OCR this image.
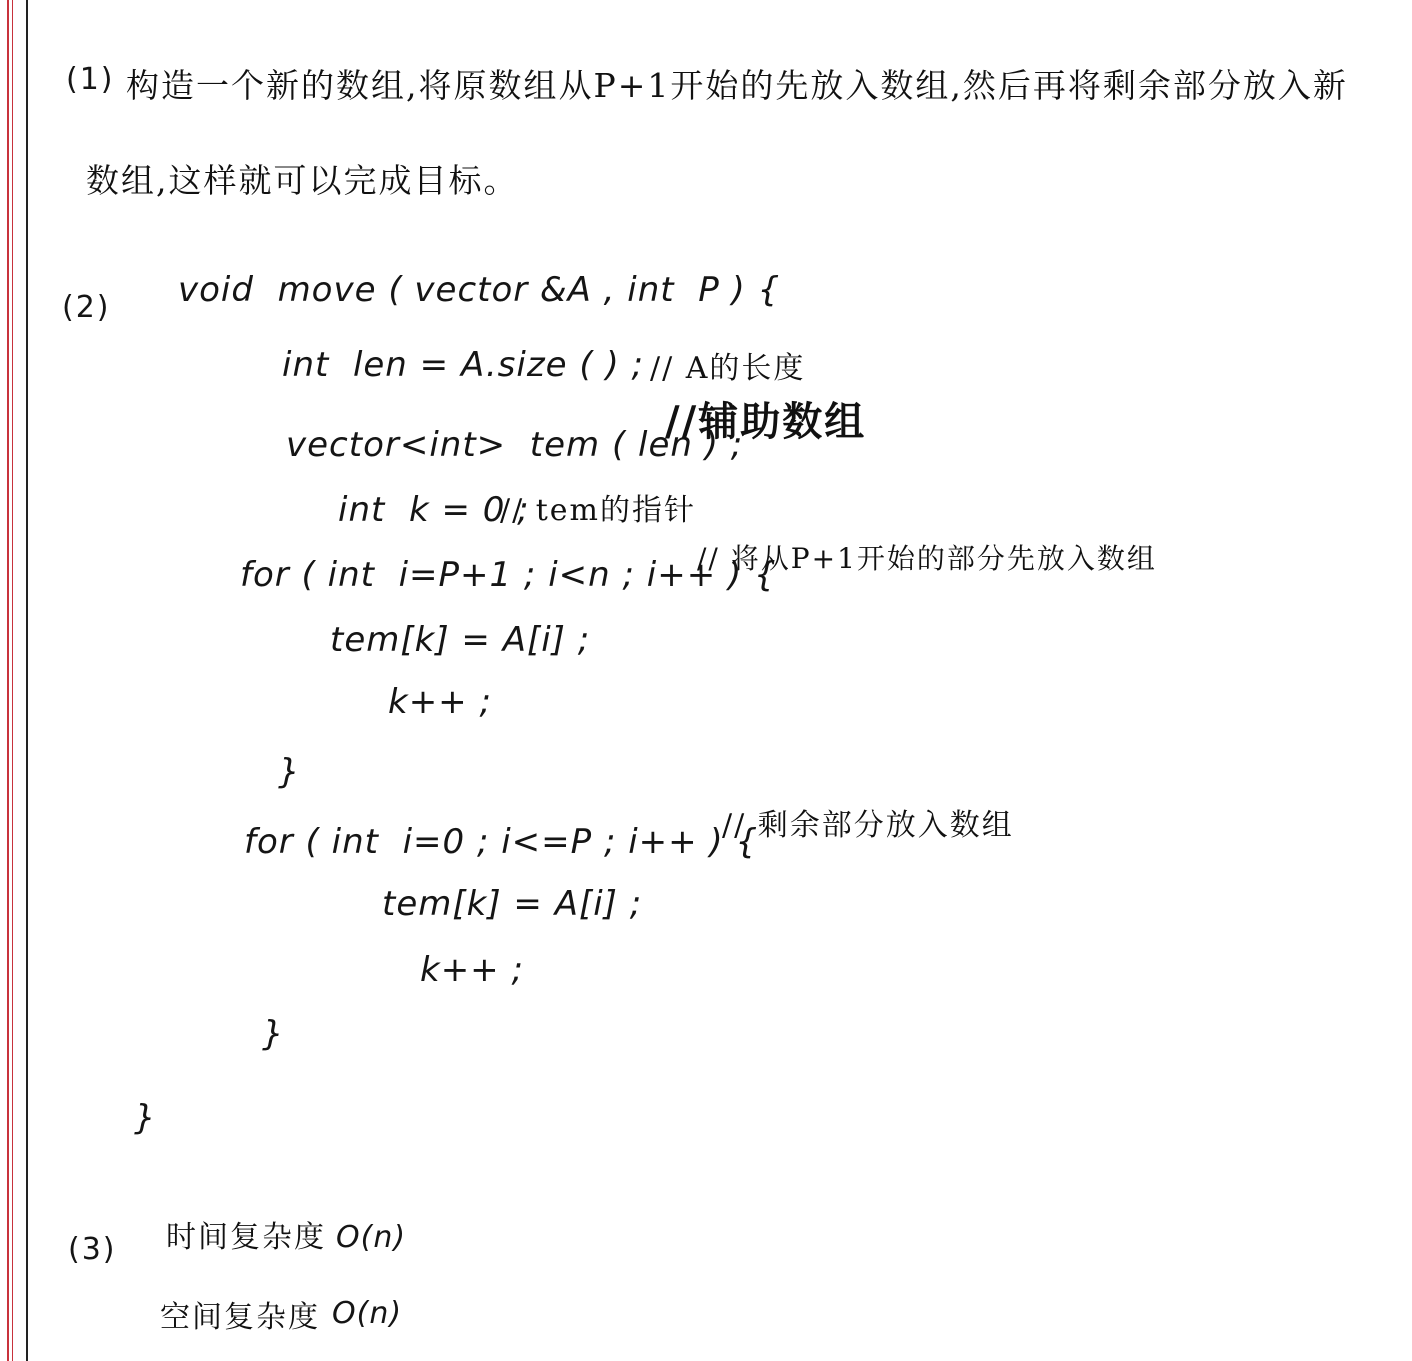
(1) 构造一个新的数组,将原数组从P+1开始的先放入数组,然后再将剩余部分放入新
数组,这样就可以完成目标。
(2) void  move ( vector &A , int  P ) {
int  len = A.size ( ) ; // A的长度
vector<int>  tem ( len ) ;
//辅助数组
int  k = 0 ;
// tem的指针
for ( int  i=P+1 ; i<n ; i++ ) {
// 将从P+1开始的部分先放入数组
tem[k] = A[i] ;
k++ ;
}
for ( int  i=0 ; i<=P ; i++ ) {
// 剩余部分放入数组
tem[k] = A[i] ;
k++ ;
}
}
(3) 时间复杂度 O(n)
空间复杂度 O(n)
